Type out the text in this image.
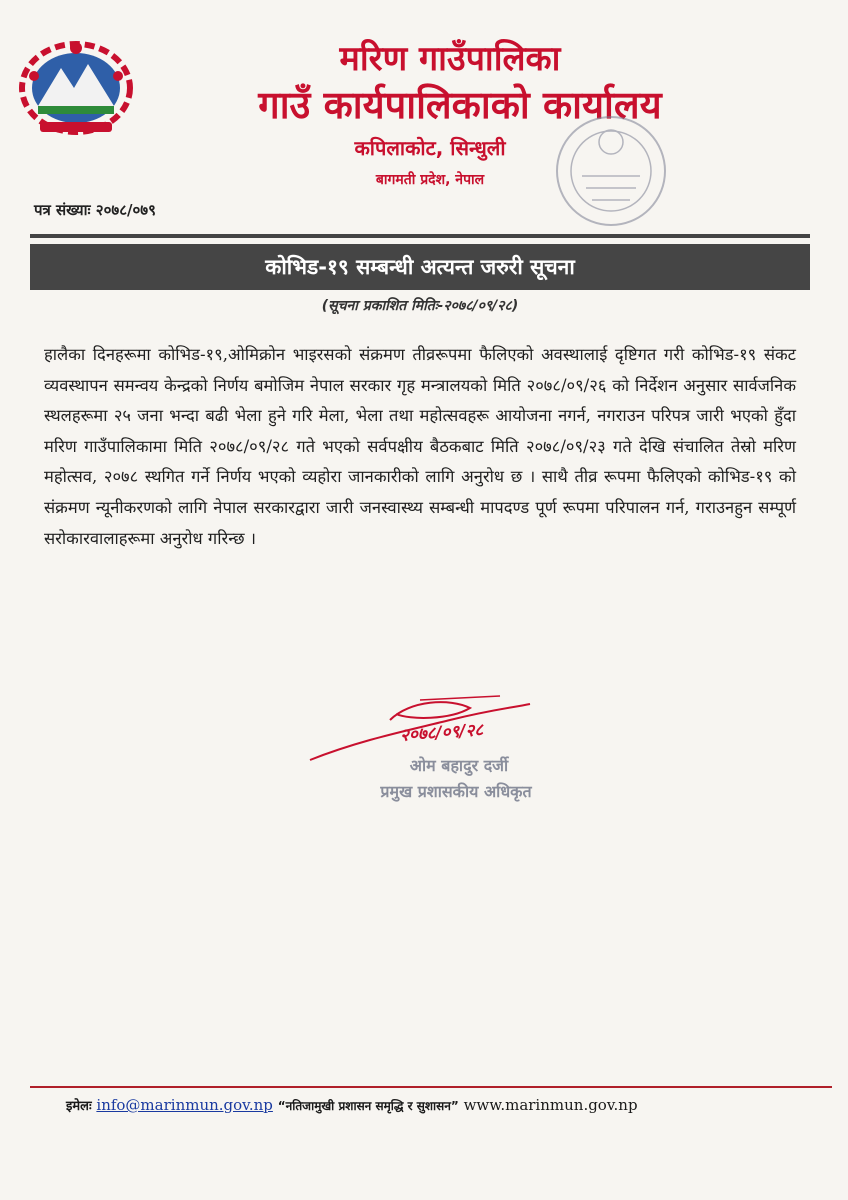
मरिण गाउँपालिका
गाउँ कार्यपालिकाको कार्यालय
कपिलाकोट, सिन्धुली
बागमती प्रदेश, नेपाल
पत्र संख्याः २०७८/०७९
कोभिड-१९ सम्बन्धी अत्यन्त जरुरी सूचना
(सूचना प्रकाशित मितिः-२०७८/०९/२८)

हालैका दिनहरूमा कोभिड-१९,ओमिक्रोन भाइरसको संक्रमण तीव्ररूपमा फैलिएको अवस्थालाई दृष्टिगत गरी कोभिड-१९ संकट व्यवस्थापन समन्वय केन्द्रको निर्णय बमोजिम नेपाल सरकार गृह मन्त्रालयको मिति २०७८/०९/२६ को निर्देशन अनुसार सार्वजनिक स्थलहरूमा २५ जना भन्दा बढी भेला हुने गरि मेला, भेला तथा महोत्सवहरू आयोजना नगर्न, नगराउन परिपत्र जारी भएको हुँदा मरिण गाउँपालिकामा मिति २०७८/०९/२८ गते भएको सर्वपक्षीय बैठकबाट मिति २०७८/०९/२३ गते देखि संचालित तेस्रो मरिण महोत्सव, २०७८ स्थगित गर्ने निर्णय भएको व्यहोरा जानकारीको लागि अनुरोध छ । साथै तीव्र रूपमा फैलिएको कोभिड-१९ को संक्रमण न्यूनीकरणको लागि नेपाल सरकारद्वारा जारी जनस्वास्थ्य सम्बन्धी मापदण्ड पूर्ण रूपमा परिपालन गर्न, गराउनहुन सम्पूर्ण सरोकारवालाहरूमा अनुरोध गरिन्छ ।

२०७८/०९/२८
ओम बहादुर दर्जी
प्रमुख प्रशासकीय अधिकृत
इमेलः info@marinmun.gov.np “नतिजामुखी प्रशासन समृद्धि र सुशासन” www.marinmun.gov.np
